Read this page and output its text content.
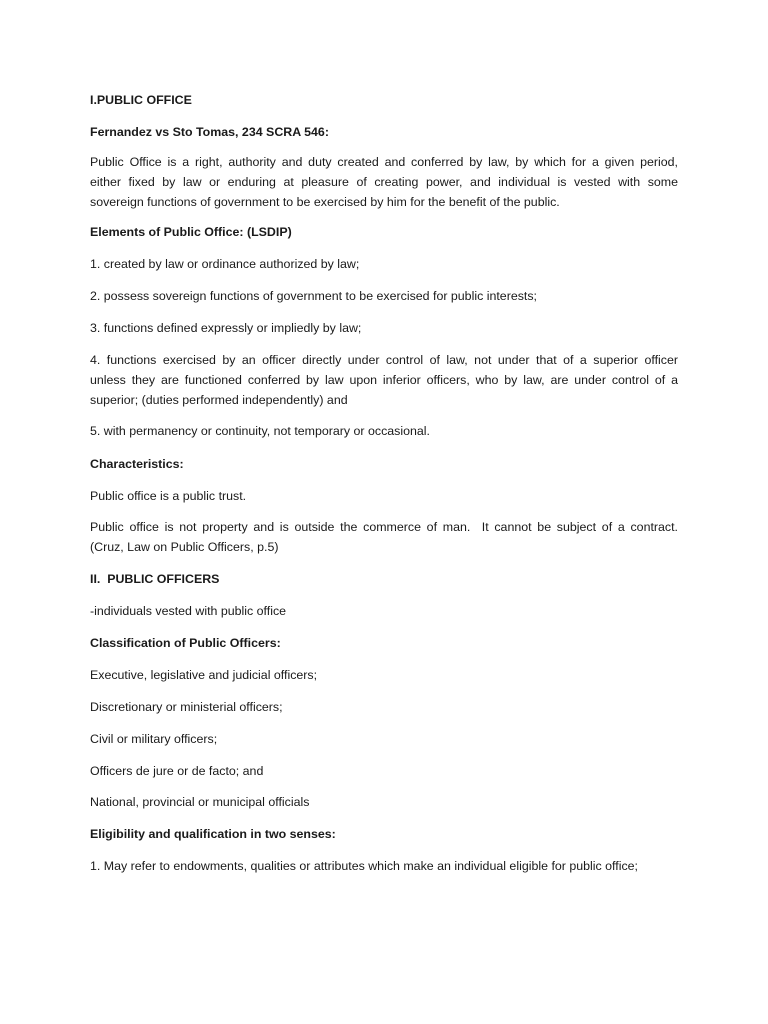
I.PUBLIC OFFICE

Fernandez vs Sto Tomas, 234 SCRA 546:

Public Office is a right, authority and duty created and conferred by law, by which for a given period,
either fixed by law or enduring at pleasure of creating power, and individual is vested with some
sovereign functions of government to be exercised by him for the benefit of the public.

Elements of Public Office: (LSDIP)

1. created by law or ordinance authorized by law;

2. possess sovereign functions of government to be exercised for public interests;

3. functions defined expressly or impliedly by law;

4. functions exercised by an officer directly under control of law, not under that of a superior officer
unless they are functioned conferred by law upon inferior officers, who by law, are under control of a
superior; (duties performed independently) and

5. with permanency or continuity, not temporary or occasional.

Characteristics:

Public office is a public trust.

Public office is not property and is outside the commerce of man.  It cannot be subject of a contract.
(Cruz, Law on Public Officers, p.5)

II.  PUBLIC OFFICERS

-individuals vested with public office

Classification of Public Officers:

Executive, legislative and judicial officers;

Discretionary or ministerial officers;

Civil or military officers;

Officers de jure or de facto; and

National, provincial or municipal officials

Eligibility and qualification in two senses:

1. May refer to endowments, qualities or attributes which make an individual eligible for public office;
